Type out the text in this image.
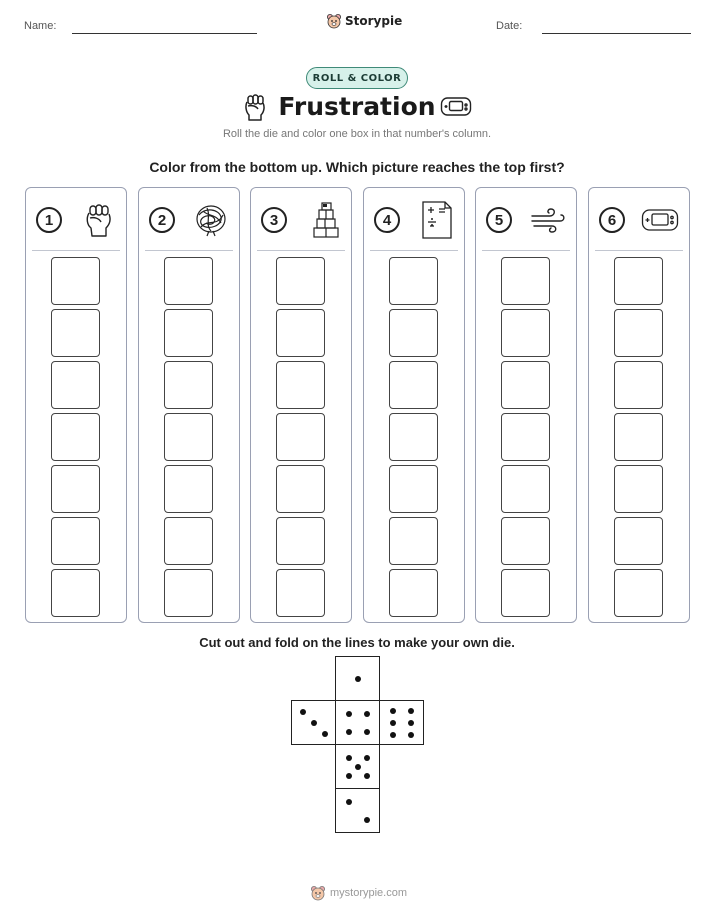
Name:	Storypie	Date:
ROLL & COLOR
Frustration
Roll the die and color one box in that number's column.
Color from the bottom up. Which picture reaches the top first?
1	2	3	4	5	6
Cut out and fold on the lines to make your own die.
mystorypie.com
